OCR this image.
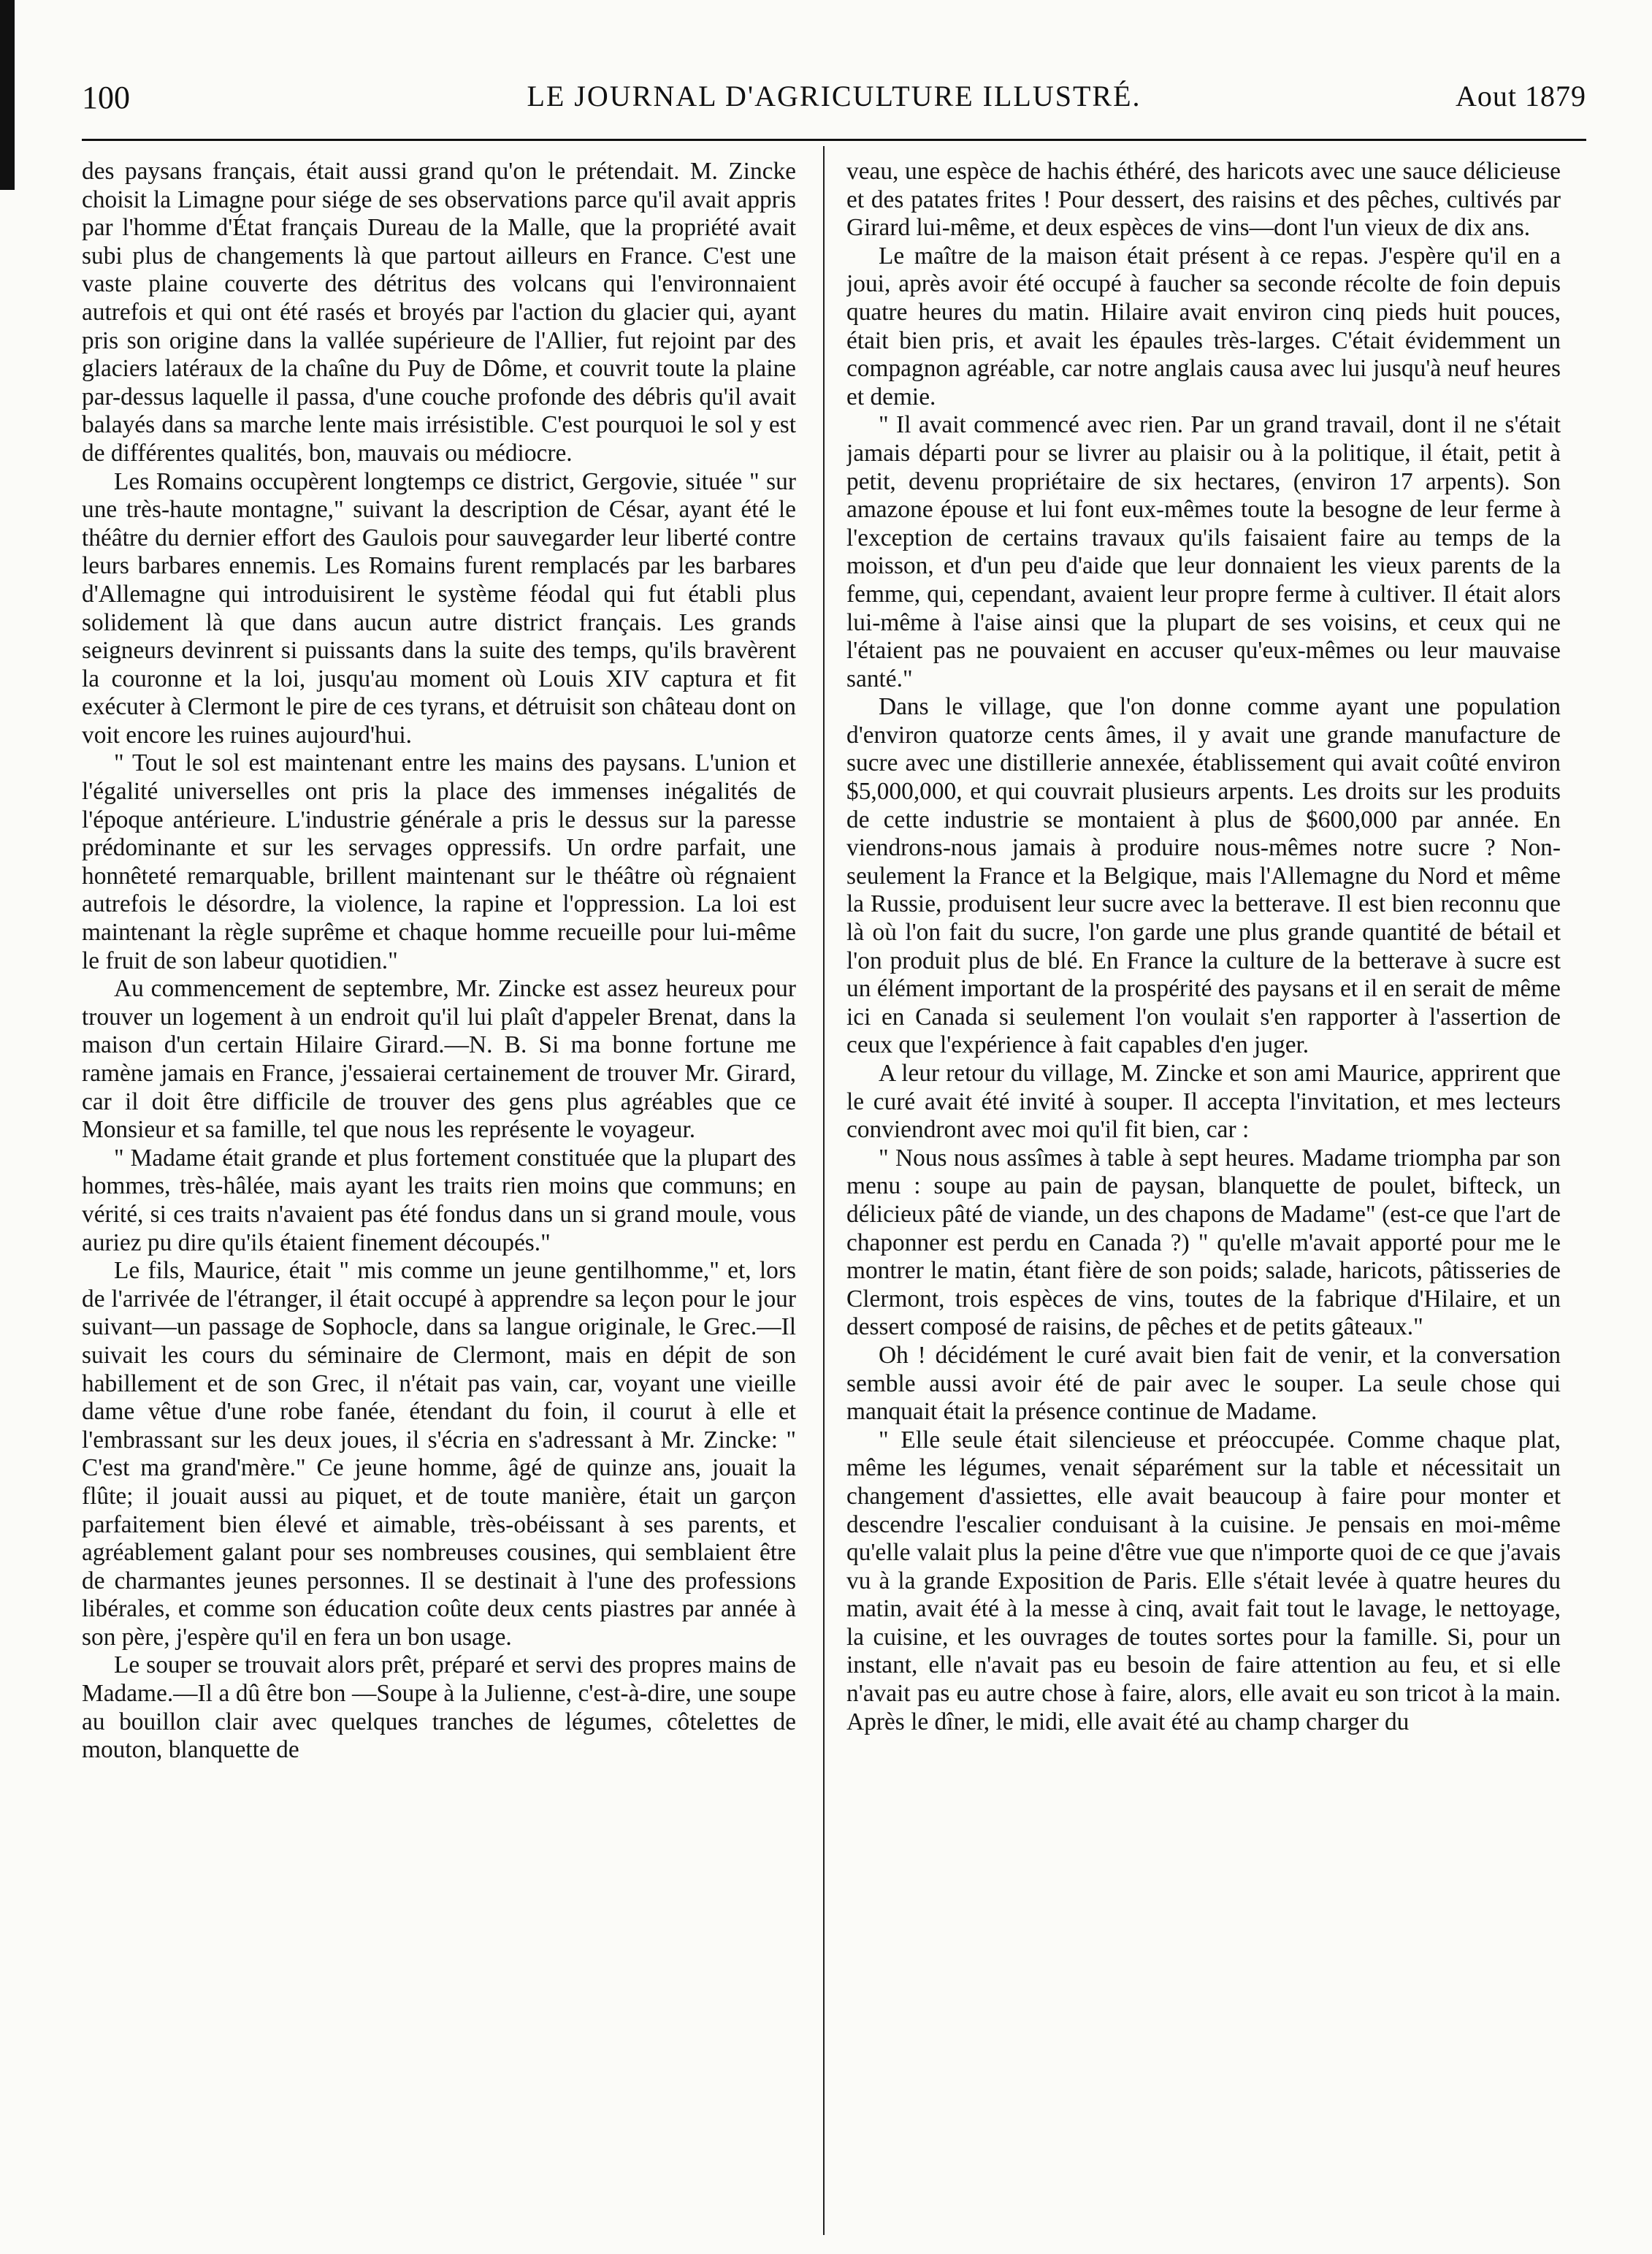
100	LE JOURNAL D'AGRICULTURE ILLUSTRÉ.	Aout 1879

des paysans français, était aussi grand qu'on le prétendait. M. Zincke choisit la Limagne pour siége de ses observations parce qu'il avait appris par l'homme d'État français Dureau de la Malle, que la propriété avait subi plus de changements là que partout ailleurs en France. C'est une vaste plaine couverte des détritus des volcans qui l'environnaient autrefois et qui ont été rasés et broyés par l'action du glacier qui, ayant pris son origine dans la vallée supérieure de l'Allier, fut rejoint par des glaciers latéraux de la chaîne du Puy de Dôme, et couvrit toute la plaine par-dessus laquelle il passa, d'une couche profonde des débris qu'il avait balayés dans sa marche lente mais irrésistible. C'est pourquoi le sol y est de différentes qualités, bon, mauvais ou médiocre.

Les Romains occupèrent longtemps ce district, Gergovie, située " sur une très-haute montagne," suivant la description de César, ayant été le théâtre du dernier effort des Gaulois pour sauvegarder leur liberté contre leurs barbares ennemis. Les Romains furent remplacés par les barbares d'Allemagne qui introduisirent le système féodal qui fut établi plus solidement là que dans aucun autre district français. Les grands seigneurs devinrent si puissants dans la suite des temps, qu'ils bravèrent la couronne et la loi, jusqu'au moment où Louis XIV captura et fit exécuter à Clermont le pire de ces tyrans, et détruisit son château dont on voit encore les ruines aujourd'hui.

" Tout le sol est maintenant entre les mains des paysans. L'union et l'égalité universelles ont pris la place des immenses inégalités de l'époque antérieure. L'industrie générale a pris le dessus sur la paresse prédominante et sur les servages oppressifs. Un ordre parfait, une honnêteté remarquable, brillent maintenant sur le théâtre où régnaient autrefois le désordre, la violence, la rapine et l'oppression. La loi est maintenant la règle suprême et chaque homme recueille pour lui-même le fruit de son labeur quotidien."

Au commencement de septembre, Mr. Zincke est assez heureux pour trouver un logement à un endroit qu'il lui plaît d'appeler Brenat, dans la maison d'un certain Hilaire Girard.—N. B. Si ma bonne fortune me ramène jamais en France, j'essaierai certainement de trouver Mr. Girard, car il doit être difficile de trouver des gens plus agréables que ce Monsieur et sa famille, tel que nous les représente le voyageur.

" Madame était grande et plus fortement constituée que la plupart des hommes, très-hâlée, mais ayant les traits rien moins que communs; en vérité, si ces traits n'avaient pas été fondus dans un si grand moule, vous auriez pu dire qu'ils étaient finement découpés."

Le fils, Maurice, était " mis comme un jeune gentilhomme," et, lors de l'arrivée de l'étranger, il était occupé à apprendre sa leçon pour le jour suivant—un passage de Sophocle, dans sa langue originale, le Grec.—Il suivait les cours du séminaire de Clermont, mais en dépit de son habillement et de son Grec, il n'était pas vain, car, voyant une vieille dame vêtue d'une robe fanée, étendant du foin, il courut à elle et l'embrassant sur les deux joues, il s'écria en s'adressant à Mr. Zincke: " C'est ma grand'mère." Ce jeune homme, âgé de quinze ans, jouait la flûte; il jouait aussi au piquet, et de toute manière, était un garçon parfaitement bien élevé et aimable, très-obéissant à ses parents, et agréablement galant pour ses nombreuses cousines, qui semblaient être de charmantes jeunes personnes. Il se destinait à l'une des professions libérales, et comme son éducation coûte deux cents piastres par année à son père, j'espère qu'il en fera un bon usage.

Le souper se trouvait alors prêt, préparé et servi des propres mains de Madame.—Il a dû être bon —Soupe à la Julienne, c'est-à-dire, une soupe au bouillon clair avec quelques tranches de légumes, côtelettes de mouton, blanquette de

veau, une espèce de hachis éthéré, des haricots avec une sauce délicieuse et des patates frites ! Pour dessert, des raisins et des pêches, cultivés par Girard lui-même, et deux espèces de vins—dont l'un vieux de dix ans.

Le maître de la maison était présent à ce repas. J'espère qu'il en a joui, après avoir été occupé à faucher sa seconde récolte de foin depuis quatre heures du matin. Hilaire avait environ cinq pieds huit pouces, était bien pris, et avait les épaules très-larges. C'était évidemment un compagnon agréable, car notre anglais causa avec lui jusqu'à neuf heures et demie.

" Il avait commencé avec rien. Par un grand travail, dont il ne s'était jamais départi pour se livrer au plaisir ou à la politique, il était, petit à petit, devenu propriétaire de six hectares, (environ 17 arpents). Son amazone épouse et lui font eux-mêmes toute la besogne de leur ferme à l'exception de certains travaux qu'ils faisaient faire au temps de la moisson, et d'un peu d'aide que leur donnaient les vieux parents de la femme, qui, cependant, avaient leur propre ferme à cultiver. Il était alors lui-même à l'aise ainsi que la plupart de ses voisins, et ceux qui ne l'étaient pas ne pouvaient en accuser qu'eux-mêmes ou leur mauvaise santé."

Dans le village, que l'on donne comme ayant une population d'environ quatorze cents âmes, il y avait une grande manufacture de sucre avec une distillerie annexée, établissement qui avait coûté environ $5,000,000, et qui couvrait plusieurs arpents. Les droits sur les produits de cette industrie se montaient à plus de $600,000 par année. En viendrons-nous jamais à produire nous-mêmes notre sucre ? Non-seulement la France et la Belgique, mais l'Allemagne du Nord et même la Russie, produisent leur sucre avec la betterave. Il est bien reconnu que là où l'on fait du sucre, l'on garde une plus grande quantité de bétail et l'on produit plus de blé. En France la culture de la betterave à sucre est un élément important de la prospérité des paysans et il en serait de même ici en Canada si seulement l'on voulait s'en rapporter à l'assertion de ceux que l'expérience à fait capables d'en juger.

A leur retour du village, M. Zincke et son ami Maurice, apprirent que le curé avait été invité à souper. Il accepta l'invitation, et mes lecteurs conviendront avec moi qu'il fit bien, car :

" Nous nous assîmes à table à sept heures. Madame triompha par son menu : soupe au pain de paysan, blanquette de poulet, bifteck, un délicieux pâté de viande, un des chapons de Madame" (est-ce que l'art de chaponner est perdu en Canada ?) " qu'elle m'avait apporté pour me le montrer le matin, étant fière de son poids; salade, haricots, pâtisseries de Clermont, trois espèces de vins, toutes de la fabrique d'Hilaire, et un dessert composé de raisins, de pêches et de petits gâteaux."

Oh ! décidément le curé avait bien fait de venir, et la conversation semble aussi avoir été de pair avec le souper. La seule chose qui manquait était la présence continue de Madame.

" Elle seule était silencieuse et préoccupée. Comme chaque plat, même les légumes, venait séparément sur la table et nécessitait un changement d'assiettes, elle avait beaucoup à faire pour monter et descendre l'escalier conduisant à la cuisine. Je pensais en moi-même qu'elle valait plus la peine d'être vue que n'importe quoi de ce que j'avais vu à la grande Exposition de Paris. Elle s'était levée à quatre heures du matin, avait été à la messe à cinq, avait fait tout le lavage, le nettoyage, la cuisine, et les ouvrages de toutes sortes pour la famille. Si, pour un instant, elle n'avait pas eu besoin de faire attention au feu, et si elle n'avait pas eu autre chose à faire, alors, elle avait eu son tricot à la main. Après le dîner, le midi, elle avait été au champ charger du
